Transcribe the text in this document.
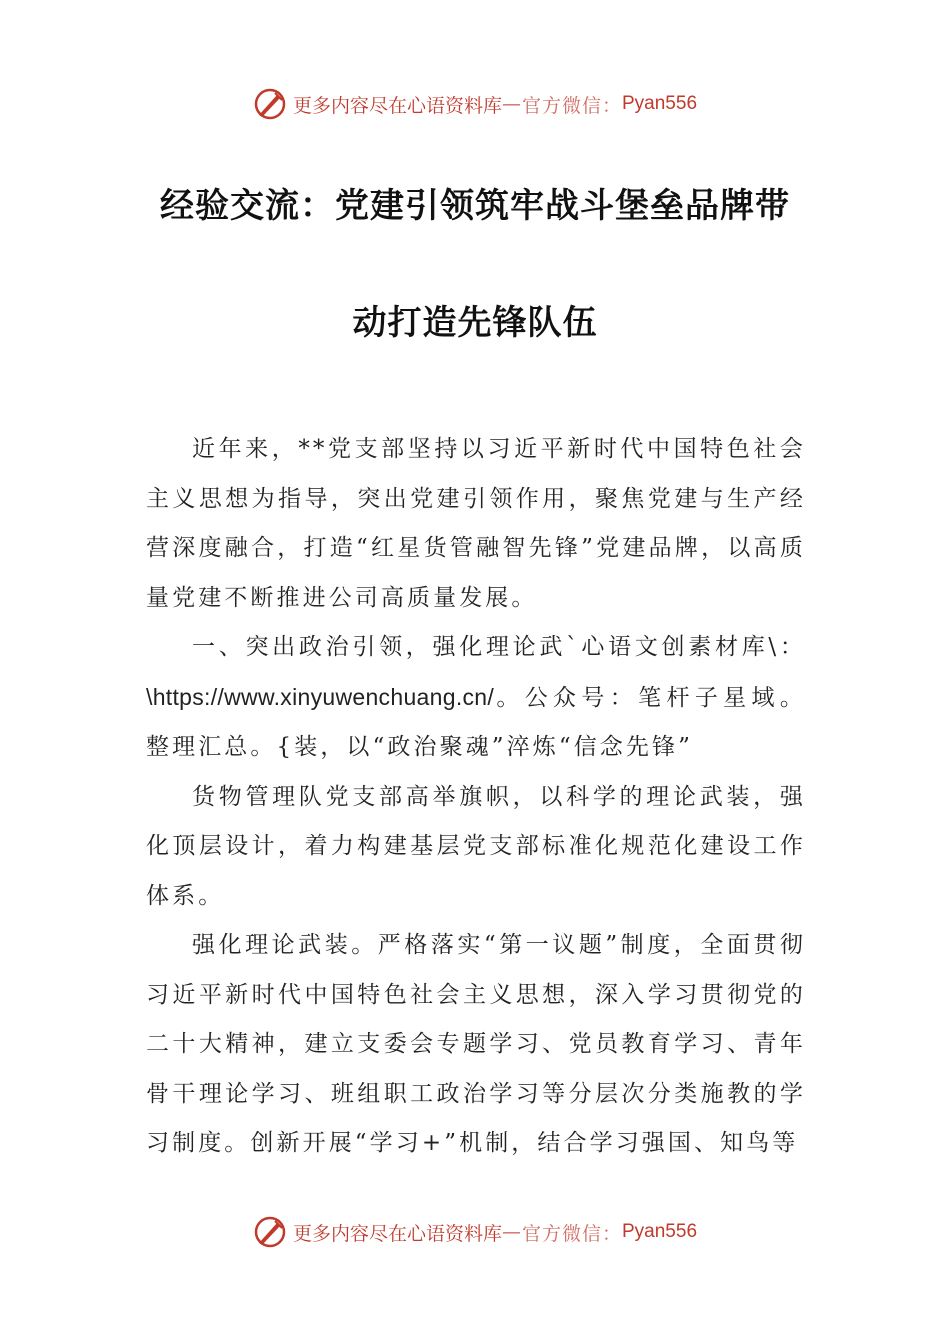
更多内容尽在心语资料库 — 官方微信： Pyan556
经验交流：党建引领筑牢战斗堡垒品牌带
动打造先锋队伍

近年来，**党支部坚持以习近平新时代中国特色社会主义思想为指导，突出党建引领作用，聚焦党建与生产经营深度融合，打造“红星货管融智先锋”党建品牌，以高质量党建不断推进公司高质量发展。

一、突出政治引领，强化理论武`心语文创素材库\：\https://www.xinyuwenchuang.cn/。公众号：笔杆子星域。整理汇总。{装，以“政治聚魂”淬炼“信念先锋”

货物管理队党支部高举旗帜，以科学的理论武装，强化顶层设计，着力构建基层党支部标准化规范化建设工作体系。

强化理论武装。严格落实“第一议题”制度，全面贯彻习近平新时代中国特色社会主义思想，深入学习贯彻党的二十大精神，建立支委会专题学习、党员教育学习、青年骨干理论学习、班组职工政治学习等分层次分类施教的学习制度。创新开展“学习+”机制，结合学习强国、知鸟等

更多内容尽在心语资料库 — 官方微信： Pyan556
